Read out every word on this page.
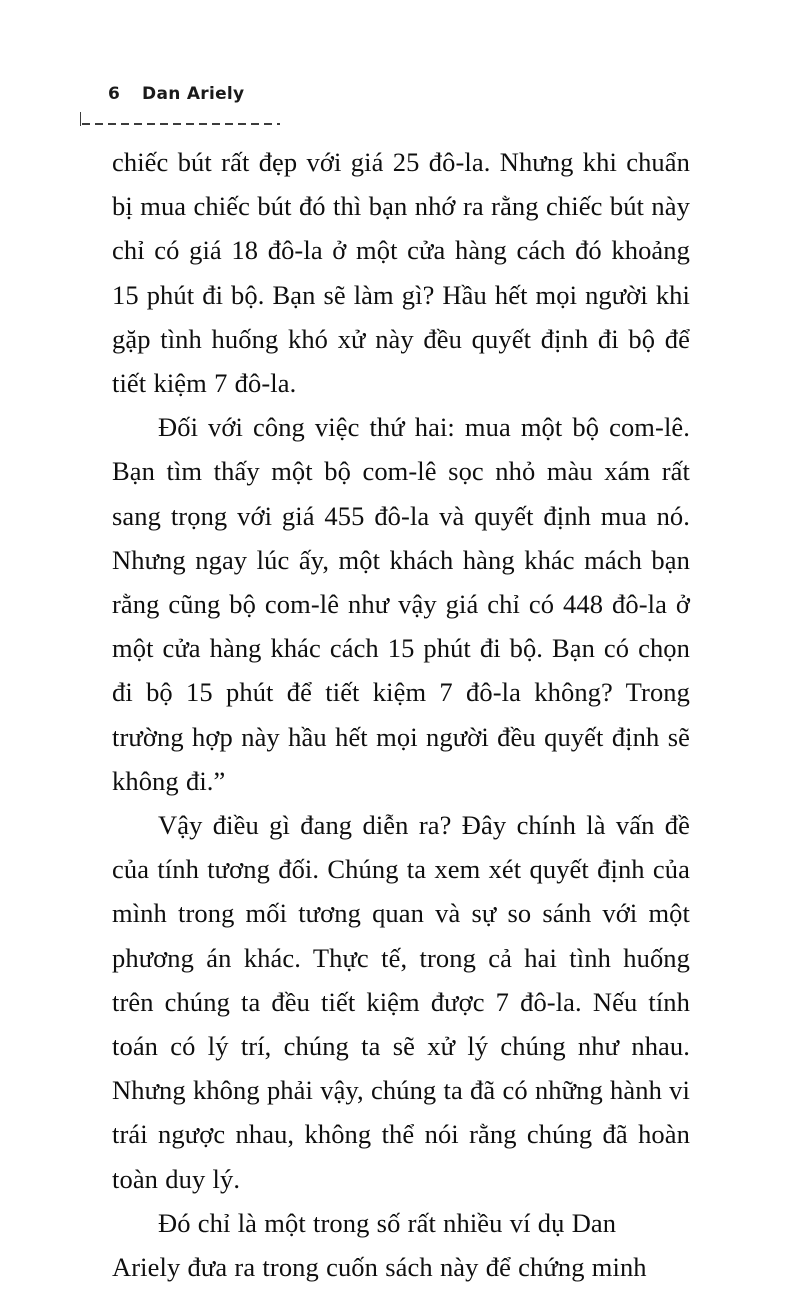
6 Dan Ariely

chiếc bút rất đẹp với giá 25 đô-la. Nhưng khi chuẩn bị mua chiếc bút đó thì bạn nhớ ra rằng chiếc bút này chỉ có giá 18 đô-la ở một cửa hàng cách đó khoảng 15 phút đi bộ. Bạn sẽ làm gì? Hầu hết mọi người khi gặp tình huống khó xử này đều quyết định đi bộ để tiết kiệm 7 đô-la.

Đối với công việc thứ hai: mua một bộ com-lê. Bạn tìm thấy một bộ com-lê sọc nhỏ màu xám rất sang trọng với giá 455 đô-la và quyết định mua nó. Nhưng ngay lúc ấy, một khách hàng khác mách bạn rằng cũng bộ com-lê như vậy giá chỉ có 448 đô-la ở một cửa hàng khác cách 15 phút đi bộ. Bạn có chọn đi bộ 15 phút để tiết kiệm 7 đô-la không? Trong trường hợp này hầu hết mọi người đều quyết định sẽ không đi.”

Vậy điều gì đang diễn ra? Đây chính là vấn đề của tính tương đối. Chúng ta xem xét quyết định của mình trong mối tương quan và sự so sánh với một phương án khác. Thực tế, trong cả hai tình huống trên chúng ta đều tiết kiệm được 7 đô-la. Nếu tính toán có lý trí, chúng ta sẽ xử lý chúng như nhau. Nhưng không phải vậy, chúng ta đã có những hành vi trái ngược nhau, không thể nói rằng chúng đã hoàn toàn duy lý.

Đó chỉ là một trong số rất nhiều ví dụ Dan Ariely đưa ra trong cuốn sách này để chứng minh
